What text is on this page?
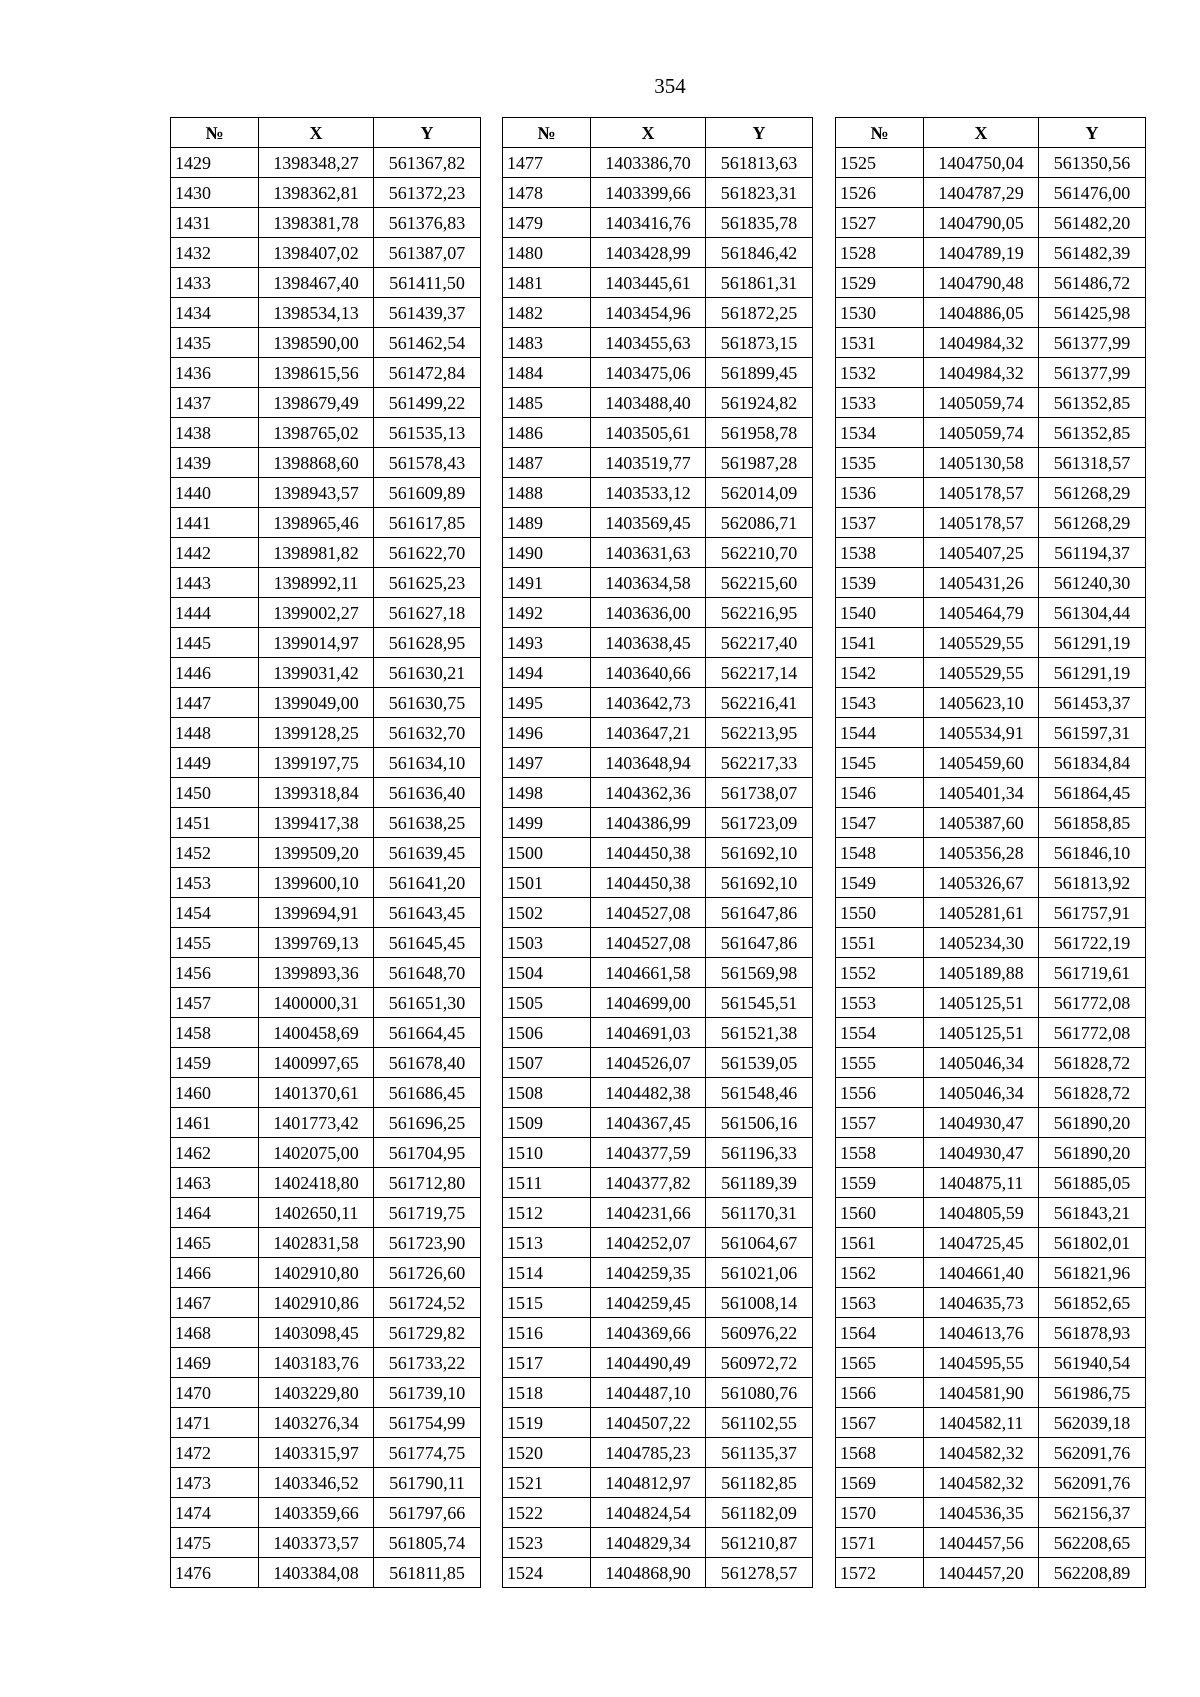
354
№	X	Y
1429	1398348,27	561367,82
1430	1398362,81	561372,23
1431	1398381,78	561376,83
1432	1398407,02	561387,07
1433	1398467,40	561411,50
1434	1398534,13	561439,37
1435	1398590,00	561462,54
1436	1398615,56	561472,84
1437	1398679,49	561499,22
1438	1398765,02	561535,13
1439	1398868,60	561578,43
1440	1398943,57	561609,89
1441	1398965,46	561617,85
1442	1398981,82	561622,70
1443	1398992,11	561625,23
1444	1399002,27	561627,18
1445	1399014,97	561628,95
1446	1399031,42	561630,21
1447	1399049,00	561630,75
1448	1399128,25	561632,70
1449	1399197,75	561634,10
1450	1399318,84	561636,40
1451	1399417,38	561638,25
1452	1399509,20	561639,45
1453	1399600,10	561641,20
1454	1399694,91	561643,45
1455	1399769,13	561645,45
1456	1399893,36	561648,70
1457	1400000,31	561651,30
1458	1400458,69	561664,45
1459	1400997,65	561678,40
1460	1401370,61	561686,45
1461	1401773,42	561696,25
1462	1402075,00	561704,95
1463	1402418,80	561712,80
1464	1402650,11	561719,75
1465	1402831,58	561723,90
1466	1402910,80	561726,60
1467	1402910,86	561724,52
1468	1403098,45	561729,82
1469	1403183,76	561733,22
1470	1403229,80	561739,10
1471	1403276,34	561754,99
1472	1403315,97	561774,75
1473	1403346,52	561790,11
1474	1403359,66	561797,66
1475	1403373,57	561805,74
1476	1403384,08	561811,85
№	X	Y
1477	1403386,70	561813,63
1478	1403399,66	561823,31
1479	1403416,76	561835,78
1480	1403428,99	561846,42
1481	1403445,61	561861,31
1482	1403454,96	561872,25
1483	1403455,63	561873,15
1484	1403475,06	561899,45
1485	1403488,40	561924,82
1486	1403505,61	561958,78
1487	1403519,77	561987,28
1488	1403533,12	562014,09
1489	1403569,45	562086,71
1490	1403631,63	562210,70
1491	1403634,58	562215,60
1492	1403636,00	562216,95
1493	1403638,45	562217,40
1494	1403640,66	562217,14
1495	1403642,73	562216,41
1496	1403647,21	562213,95
1497	1403648,94	562217,33
1498	1404362,36	561738,07
1499	1404386,99	561723,09
1500	1404450,38	561692,10
1501	1404450,38	561692,10
1502	1404527,08	561647,86
1503	1404527,08	561647,86
1504	1404661,58	561569,98
1505	1404699,00	561545,51
1506	1404691,03	561521,38
1507	1404526,07	561539,05
1508	1404482,38	561548,46
1509	1404367,45	561506,16
1510	1404377,59	561196,33
1511	1404377,82	561189,39
1512	1404231,66	561170,31
1513	1404252,07	561064,67
1514	1404259,35	561021,06
1515	1404259,45	561008,14
1516	1404369,66	560976,22
1517	1404490,49	560972,72
1518	1404487,10	561080,76
1519	1404507,22	561102,55
1520	1404785,23	561135,37
1521	1404812,97	561182,85
1522	1404824,54	561182,09
1523	1404829,34	561210,87
1524	1404868,90	561278,57
№	X	Y
1525	1404750,04	561350,56
1526	1404787,29	561476,00
1527	1404790,05	561482,20
1528	1404789,19	561482,39
1529	1404790,48	561486,72
1530	1404886,05	561425,98
1531	1404984,32	561377,99
1532	1404984,32	561377,99
1533	1405059,74	561352,85
1534	1405059,74	561352,85
1535	1405130,58	561318,57
1536	1405178,57	561268,29
1537	1405178,57	561268,29
1538	1405407,25	561194,37
1539	1405431,26	561240,30
1540	1405464,79	561304,44
1541	1405529,55	561291,19
1542	1405529,55	561291,19
1543	1405623,10	561453,37
1544	1405534,91	561597,31
1545	1405459,60	561834,84
1546	1405401,34	561864,45
1547	1405387,60	561858,85
1548	1405356,28	561846,10
1549	1405326,67	561813,92
1550	1405281,61	561757,91
1551	1405234,30	561722,19
1552	1405189,88	561719,61
1553	1405125,51	561772,08
1554	1405125,51	561772,08
1555	1405046,34	561828,72
1556	1405046,34	561828,72
1557	1404930,47	561890,20
1558	1404930,47	561890,20
1559	1404875,11	561885,05
1560	1404805,59	561843,21
1561	1404725,45	561802,01
1562	1404661,40	561821,96
1563	1404635,73	561852,65
1564	1404613,76	561878,93
1565	1404595,55	561940,54
1566	1404581,90	561986,75
1567	1404582,11	562039,18
1568	1404582,32	562091,76
1569	1404582,32	562091,76
1570	1404536,35	562156,37
1571	1404457,56	562208,65
1572	1404457,20	562208,89
